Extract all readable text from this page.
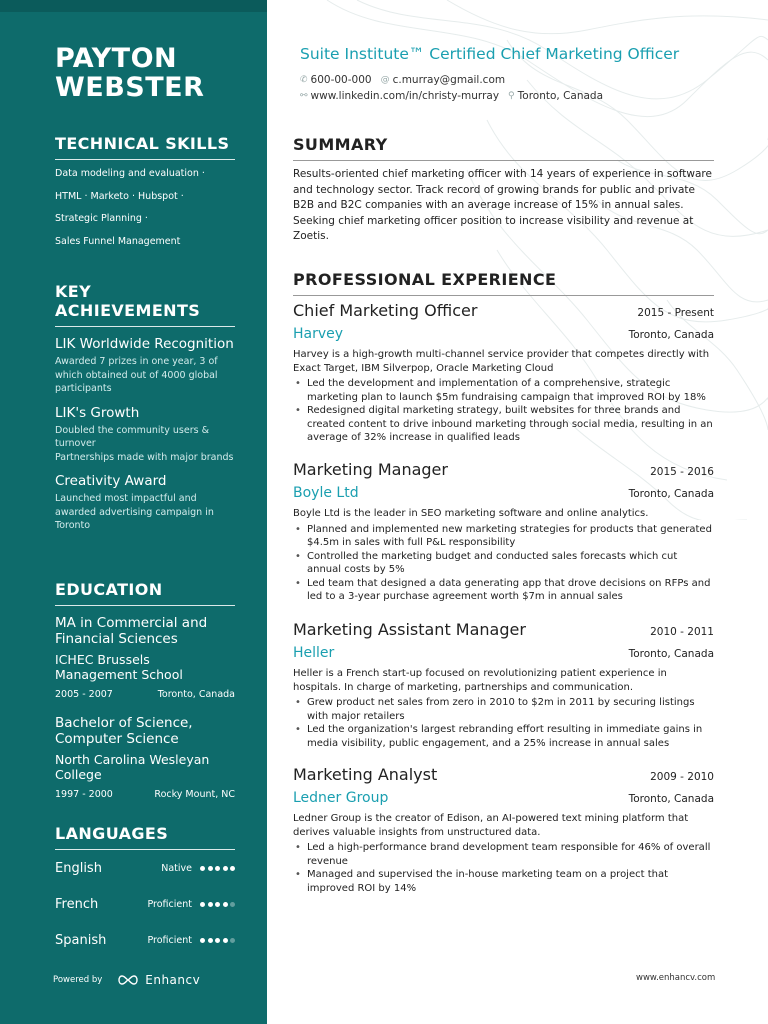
PAYTON
WEBSTER
TECHNICAL SKILLS
Data modeling and evaluation ·
HTML · Marketo · Hubspot ·
Strategic Planning ·
Sales Funnel Management
KEY ACHIEVEMENTS
LIK Worldwide Recognition
Awarded 7 prizes in one year, 3 of which obtained out of 4000 global participants
LIK's Growth
Doubled the community users & turnover
Partnerships made with major brands
Creativity Award
Launched most impactful and awarded advertising campaign in Toronto
EDUCATION
MA in Commercial and Financial Sciences
ICHEC Brussels Management School
2005 - 2007	Toronto, Canada
Bachelor of Science, Computer Science
North Carolina Wesleyan College
1997 - 2000	Rocky Mount, NC
LANGUAGES
English	Native
French	Proficient
Spanish	Proficient
Powered by	Enhancv
Suite Institute™ Certified Chief Marketing Officer
✆ 600-00-000 @ c.murray@gmail.com
⚯ www.linkedin.com/in/christy-murray ⚲ Toronto, Canada
SUMMARY

Results-oriented chief marketing officer with 14 years of experience in software and technology sector. Track record of growing brands for public and private B2B and B2C companies with an average increase of 15% in annual sales. Seeking chief marketing officer position to increase visibility and revenue at Zoetis.

PROFESSIONAL EXPERIENCE
Chief Marketing Officer	2015 - Present
Harvey	Toronto, Canada

Harvey is a high-growth multi-channel service provider that competes directly with Exact Target, IBM Silverpop, Oracle Marketing Cloud

• Led the development and implementation of a comprehensive, strategic marketing plan to launch $5m fundraising campaign that improved ROI by 18%
• Redesigned digital marketing strategy, built websites for three brands and created content to drive inbound marketing through social media, resulting in an average of 32% increase in qualified leads
Marketing Manager	2015 - 2016
Boyle Ltd	Toronto, Canada

Boyle Ltd is the leader in SEO marketing software and online analytics.

• Planned and implemented new marketing strategies for products that generated $4.5m in sales with full P&L responsibility
• Controlled the marketing budget and conducted sales forecasts which cut annual costs by 5%
• Led team that designed a data generating app that drove decisions on RFPs and led to a 3-year purchase agreement worth $7m in annual sales
Marketing Assistant Manager	2010 - 2011
Heller	Toronto, Canada

Heller is a French start-up focused on revolutionizing patient experience in hospitals. In charge of marketing, partnerships and communication.

• Grew product net sales from zero in 2010 to $2m in 2011 by securing listings with major retailers
• Led the organization's largest rebranding effort resulting in immediate gains in media visibility, public engagement, and a 25% increase in annual sales
Marketing Analyst	2009 - 2010
Ledner Group	Toronto, Canada

Ledner Group is the creator of Edison, an AI-powered text mining platform that derives valuable insights from unstructured data.

• Led a high-performance brand development team responsible for 46% of overall revenue
• Managed and supervised the in-house marketing team on a project that improved ROI by 14%
www.enhancv.com
